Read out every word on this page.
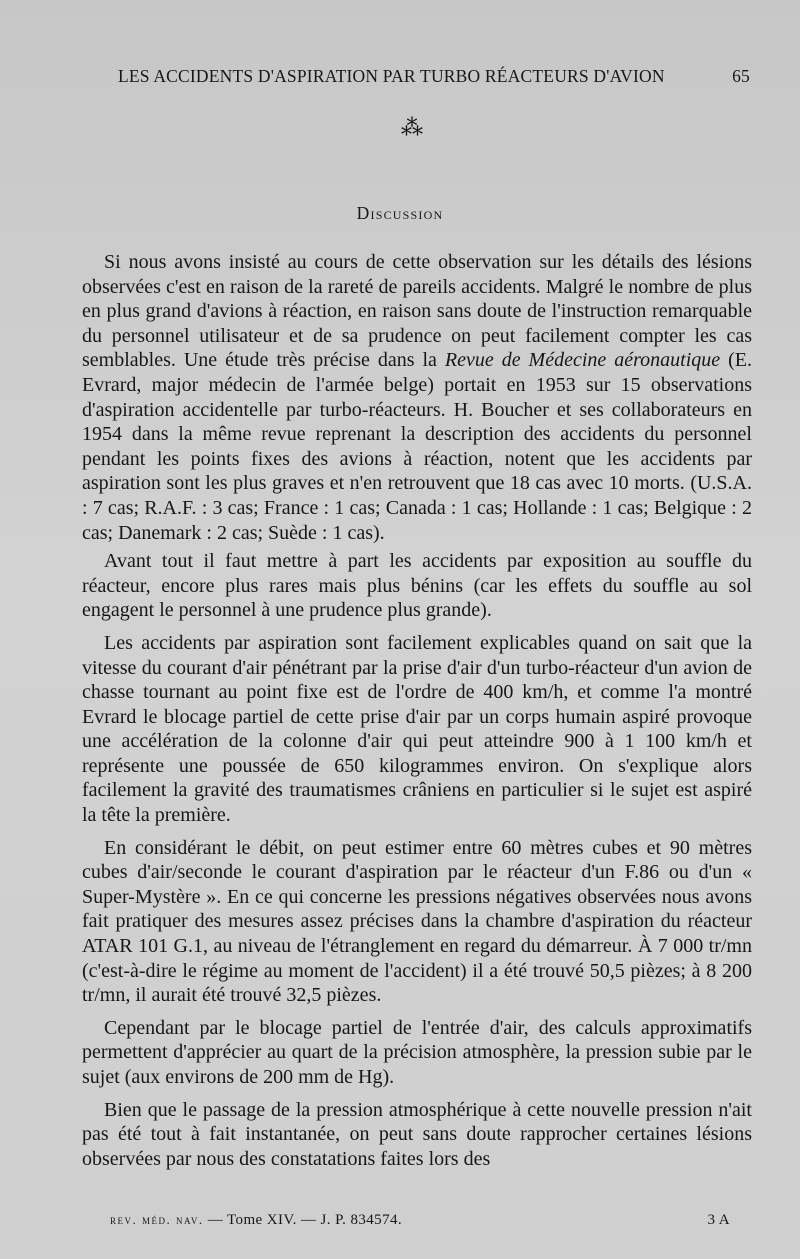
LES ACCIDENTS D'ASPIRATION PAR TURBO RÉACTEURS D'AVION	65
⁂
Discussion

Si nous avons insisté au cours de cette observation sur les détails des lésions observées c'est en raison de la rareté de pareils accidents. Malgré le nombre de plus en plus grand d'avions à réaction, en raison sans doute de l'instruction remarquable du personnel utilisateur et de sa prudence on peut facilement compter les cas semblables. Une étude très précise dans la Revue de Médecine aéronautique (E. Evrard, major médecin de l'armée belge) portait en 1953 sur 15 observations d'aspiration accidentelle par turbo-réacteurs. H. Boucher et ses collaborateurs en 1954 dans la même revue reprenant la description des accidents du personnel pendant les points fixes des avions à réaction, notent que les accidents par aspiration sont les plus graves et n'en retrouvent que 18 cas avec 10 morts. (U.S.A. : 7 cas; R.A.F. : 3 cas; France : 1 cas; Canada : 1 cas; Hollande : 1 cas; Belgique : 2 cas; Danemark : 2 cas; Suède : 1 cas).

Avant tout il faut mettre à part les accidents par exposition au souffle du réacteur, encore plus rares mais plus bénins (car les effets du souffle au sol engagent le personnel à une prudence plus grande).

Les accidents par aspiration sont facilement explicables quand on sait que la vitesse du courant d'air pénétrant par la prise d'air d'un turbo-réacteur d'un avion de chasse tournant au point fixe est de l'ordre de 400 km/h, et comme l'a montré Evrard le blocage partiel de cette prise d'air par un corps humain aspiré provoque une accélération de la colonne d'air qui peut atteindre 900 à 1 100 km/h et représente une poussée de 650 kilogrammes environ. On s'explique alors facilement la gravité des traumatismes crâniens en particulier si le sujet est aspiré la tête la première.

En considérant le débit, on peut estimer entre 60 mètres cubes et 90 mètres cubes d'air/seconde le courant d'aspiration par le réacteur d'un F.86 ou d'un « Super-Mystère ». En ce qui concerne les pressions négatives observées nous avons fait pratiquer des mesures assez précises dans la chambre d'aspiration du réacteur ATAR 101 G.1, au niveau de l'étranglement en regard du démarreur. À 7 000 tr/mn (c'est-à-dire le régime au moment de l'accident) il a été trouvé 50,5 pièzes; à 8 200 tr/mn, il aurait été trouvé 32,5 pièzes.

Cependant par le blocage partiel de l'entrée d'air, des calculs approximatifs permettent d'apprécier au quart de la précision atmosphère, la pression subie par le sujet (aux environs de 200 mm de Hg).

Bien que le passage de la pression atmosphérique à cette nouvelle pression n'ait pas été tout à fait instantanée, on peut sans doute rapprocher certaines lésions observées par nous des constatations faites lors des

rev. méd. nav. — Tome XIV. — J. P. 834574.	3 A
